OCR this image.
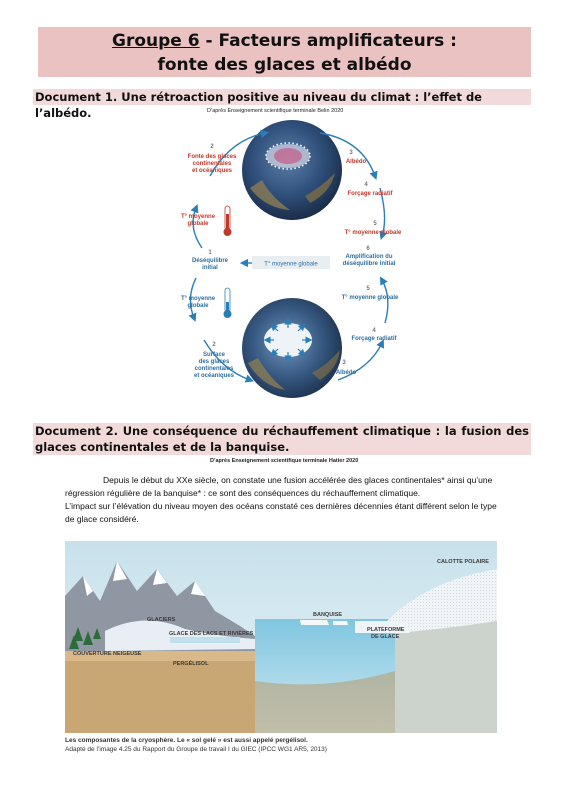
Groupe 6 - Facteurs amplificateurs :
fonte des glaces et albédo
Document 1. Une rétroaction positive au niveau du climat : l’effet de l’albédo.	D’après Enseignement scientifique terminale Belin 2020
T° moyenne globale
2
Fonte des glaces
continentales
et océaniques
3
Albédo
4
Forçage radiatif
5
T° moyenne globale
T° moyenne
globale
6
Amplification du
déséquilibre initial
1
Déséquilibre
initial
T° moyenne
globale
5
T° moyenne globale
4
Forçage radiatif
2
Surface
des glaces
continentales
et océaniques
3
Albédo
Document 2. Une conséquence du réchauffement climatique : la fusion des glaces continentales et de la banquise.
D’après Enseignement scientifique terminale Hatier 2020

Depuis le début du XXe siècle, on constate une fusion accélérée des glaces continentales* ainsi qu’une régression régulière de la banquise* : ce sont des conséquences du réchauffement climatique.

L’impact sur l’élévation du niveau moyen des océans constaté ces dernières décennies étant différent selon le type de glace considéré.

CALOTTE POLAIRE
GLACIERS
BANQUISE
PLATEFORME
DE GLACE
GLACE DES LACS ET RIVIÈRES
COUVERTURE NEIGEUSE
PERGÉLISOL
Les composantes de la cryosphère. Le « sol gelé » est aussi appelé pergélisol.
Adapté de l’image 4.25 du Rapport du Groupe de travail I du GIEC (IPCC WG1 AR5, 2013)
